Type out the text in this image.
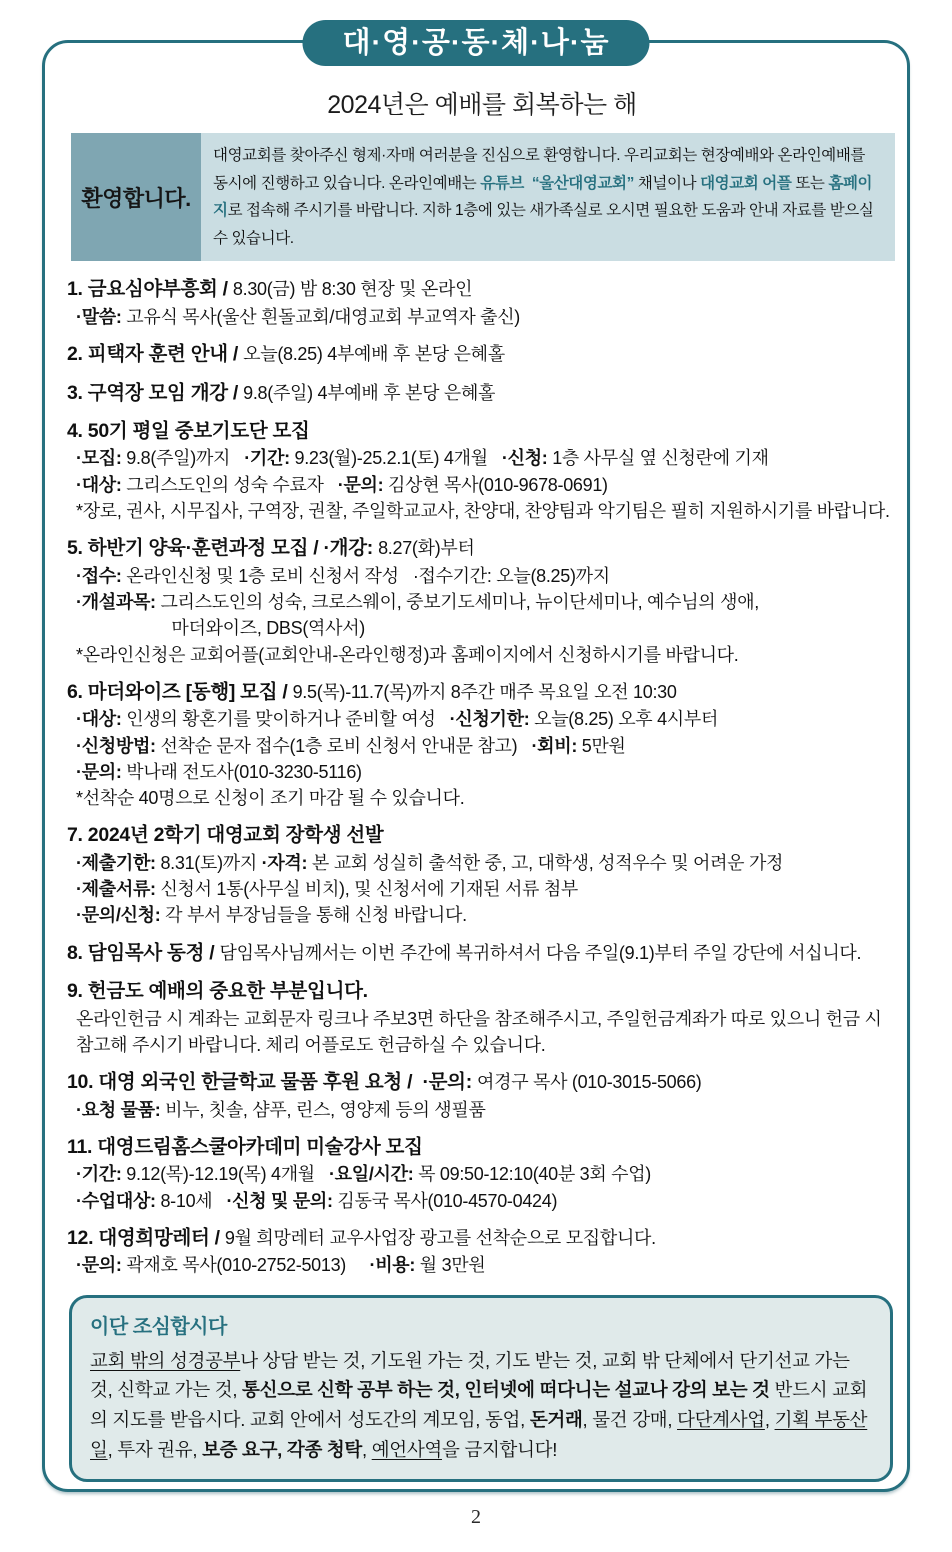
대·영·공·동·체·나·눔
2024년은 예배를 회복하는 해
환영합니다.
대영교회를 찾아주신 형제·자매 여러분을 진심으로 환영합니다. 우리교회는 현장예배와 온라인예배를 동시에 진행하고 있습니다. 온라인예배는 유튜브  “울산대영교회” 채널이나 대영교회 어플 또는 홈페이지로 접속해 주시기를 바랍니다. 지하 1층에 있는 새가족실로 오시면 필요한 도움과 안내 자료를 받으실 수 있습니다.
1. 금요심야부흥회 / 8.30(금) 밤 8:30 현장 및 온라인
·말씀: 고유식 목사(울산 흰돌교회/대영교회 부교역자 출신)
2. 피택자 훈련 안내 / 오늘(8.25) 4부예배 후 본당 은혜홀
3. 구역장 모임 개강 / 9.8(주일) 4부예배 후 본당 은혜홀
4. 50기 평일 중보기도단 모집
·모집: 9.8(주일)까지   ·기간: 9.23(월)-25.2.1(토) 4개월   ·신청: 1층 사무실 옆 신청란에 기재
·대상: 그리스도인의 성숙 수료자   ·문의: 김상현 목사(010-9678-0691)
*장로, 권사, 시무집사, 구역장, 권찰, 주일학교교사, 찬양대, 찬양팀과 악기팀은 필히 지원하시기를 바랍니다.
5. 하반기 양육·훈련과정 모집 / ·개강: 8.27(화)부터
·접수: 온라인신청 및 1층 로비 신청서 작성   ·접수기간: 오늘(8.25)까지
·개설과목: 그리스도인의 성숙, 크로스웨이, 중보기도세미나, 뉴이단세미나, 예수님의 생애,
마더와이즈, DBS(역사서)
*온라인신청은 교회어플(교회안내-온라인행정)과 홈페이지에서 신청하시기를 바랍니다.
6. 마더와이즈 [동행] 모집 / 9.5(목)-11.7(목)까지 8주간 매주 목요일 오전 10:30
·대상: 인생의 황혼기를 맞이하거나 준비할 여성   ·신청기한: 오늘(8.25) 오후 4시부터
·신청방법: 선착순 문자 접수(1층 로비 신청서 안내문 참고)   ·회비: 5만원
·문의: 박나래 전도사(010-3230-5116)
*선착순 40명으로 신청이 조기 마감 될 수 있습니다.
7. 2024년 2학기 대영교회 장학생 선발
·제출기한: 8.31(토)까지 ·자격: 본 교회 성실히 출석한 중, 고, 대학생, 성적우수 및 어려운 가정
·제출서류: 신청서 1통(사무실 비치), 및 신청서에 기재된 서류 첨부
·문의/신청: 각 부서 부장님들을 통해 신청 바랍니다.
8. 담임목사 동정 / 담임목사님께서는 이번 주간에 복귀하셔서 다음 주일(9.1)부터 주일 강단에 서십니다.
9. 헌금도 예배의 중요한 부분입니다.
온라인헌금 시 계좌는 교회문자 링크나 주보3면 하단을 참조해주시고, 주일헌금계좌가 따로 있으니 헌금 시 참고해 주시기 바랍니다. 체리 어플로도 헌금하실 수 있습니다.
10. 대영 외국인 한글학교 물품 후원 요청 /  ·문의: 여경구 목사 (010-3015-5066)
·요청 물품: 비누, 칫솔, 샴푸, 린스, 영양제 등의 생필품
11. 대영드림홈스쿨아카데미 미술강사 모집
·기간: 9.12(목)-12.19(목) 4개월   ·요일/시간: 목 09:50-12:10(40분 3회 수업)
·수업대상: 8-10세   ·신청 및 문의: 김동국 목사(010-4570-0424)
12. 대영희망레터 / 9월 희망레터 교우사업장 광고를 선착순으로 모집합니다.
·문의: 곽재호 목사(010-2752-5013)     ·비용: 월 3만원
이단 조심합시다
교회 밖의 성경공부나 상담 받는 것, 기도원 가는 것, 기도 받는 것, 교회 밖 단체에서 단기선교 가는 것, 신학교 가는 것, 통신으로 신학 공부 하는 것, 인터넷에 떠다니는 설교나 강의 보는 것 반드시 교회의 지도를 받읍시다. 교회 안에서 성도간의 계모임, 동업, 돈거래, 물건 강매, 다단계사업, 기획 부동산일, 투자 권유, 보증 요구, 각종 청탁, 예언사역을 금지합니다!
2
